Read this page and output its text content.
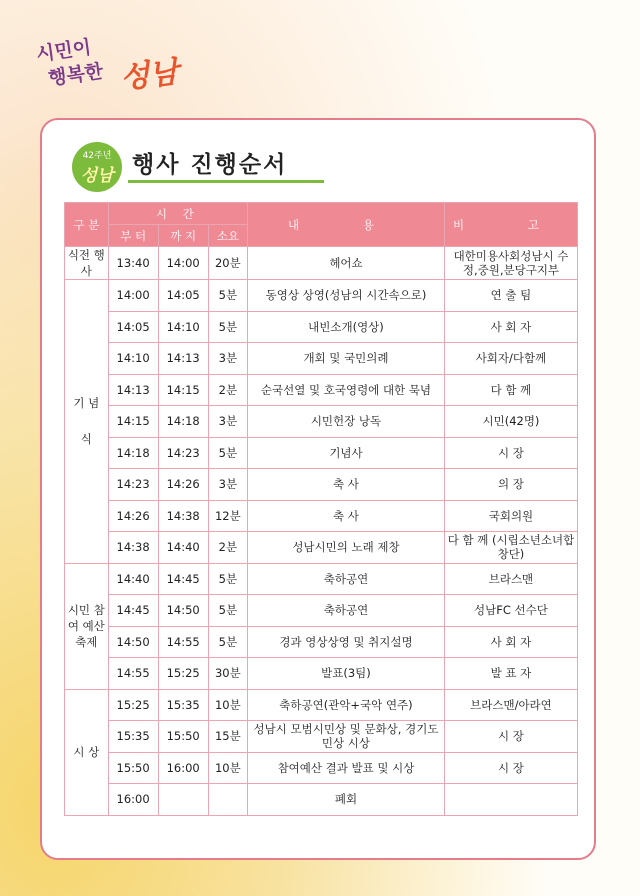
시민이
행복한 성남
42주년
성남 행사 진행순서
구 분	시 간			내 용	비 고
	부 터	까 지	소요		
식전 행사	13:40	14:00	20분	헤어쇼	대한미용사회성남시 수정,중원,분당구지부
기 념 식	14:00	14:05	5분	동영상 상영(성남의 시간속으로)	연 출 팀
	14:05	14:10	5분	내빈소개(영상)	사 회 자
	14:10	14:13	3분	개회 및 국민의례	사회자/다함께
	14:13	14:15	2분	순국선열 및 호국영령에 대한 묵념	다 함 께
	14:15	14:18	3분	시민헌장 낭독	시민(42명)
	14:18	14:23	5분	기념사	시 장
	14:23	14:26	3분	축 사	의 장
	14:26	14:38	12분	축 사	국회의원
	14:38	14:40	2분	성남시민의 노래 제창	다 함 께 (시립소년소녀합창단)
시민 참여 예산 축제	14:40	14:45	5분	축하공연	브라스맨
	14:45	14:50	5분	축하공연	성남FC 선수단
	14:50	14:55	5분	경과 영상상영 및 취지설명	사 회 자
	14:55	15:25	30분	발표(3팀)	발 표 자
시 상	15:25	15:35	10분	축하공연(관악+국악 연주)	브라스맨/아라연
	15:35	15:50	15분	성남시 모범시민상 및 문화상, 경기도민상 시상	시 장
	15:50	16:00	10분	참여예산 결과 발표 및 시상	시 장
	16:00			폐회	
